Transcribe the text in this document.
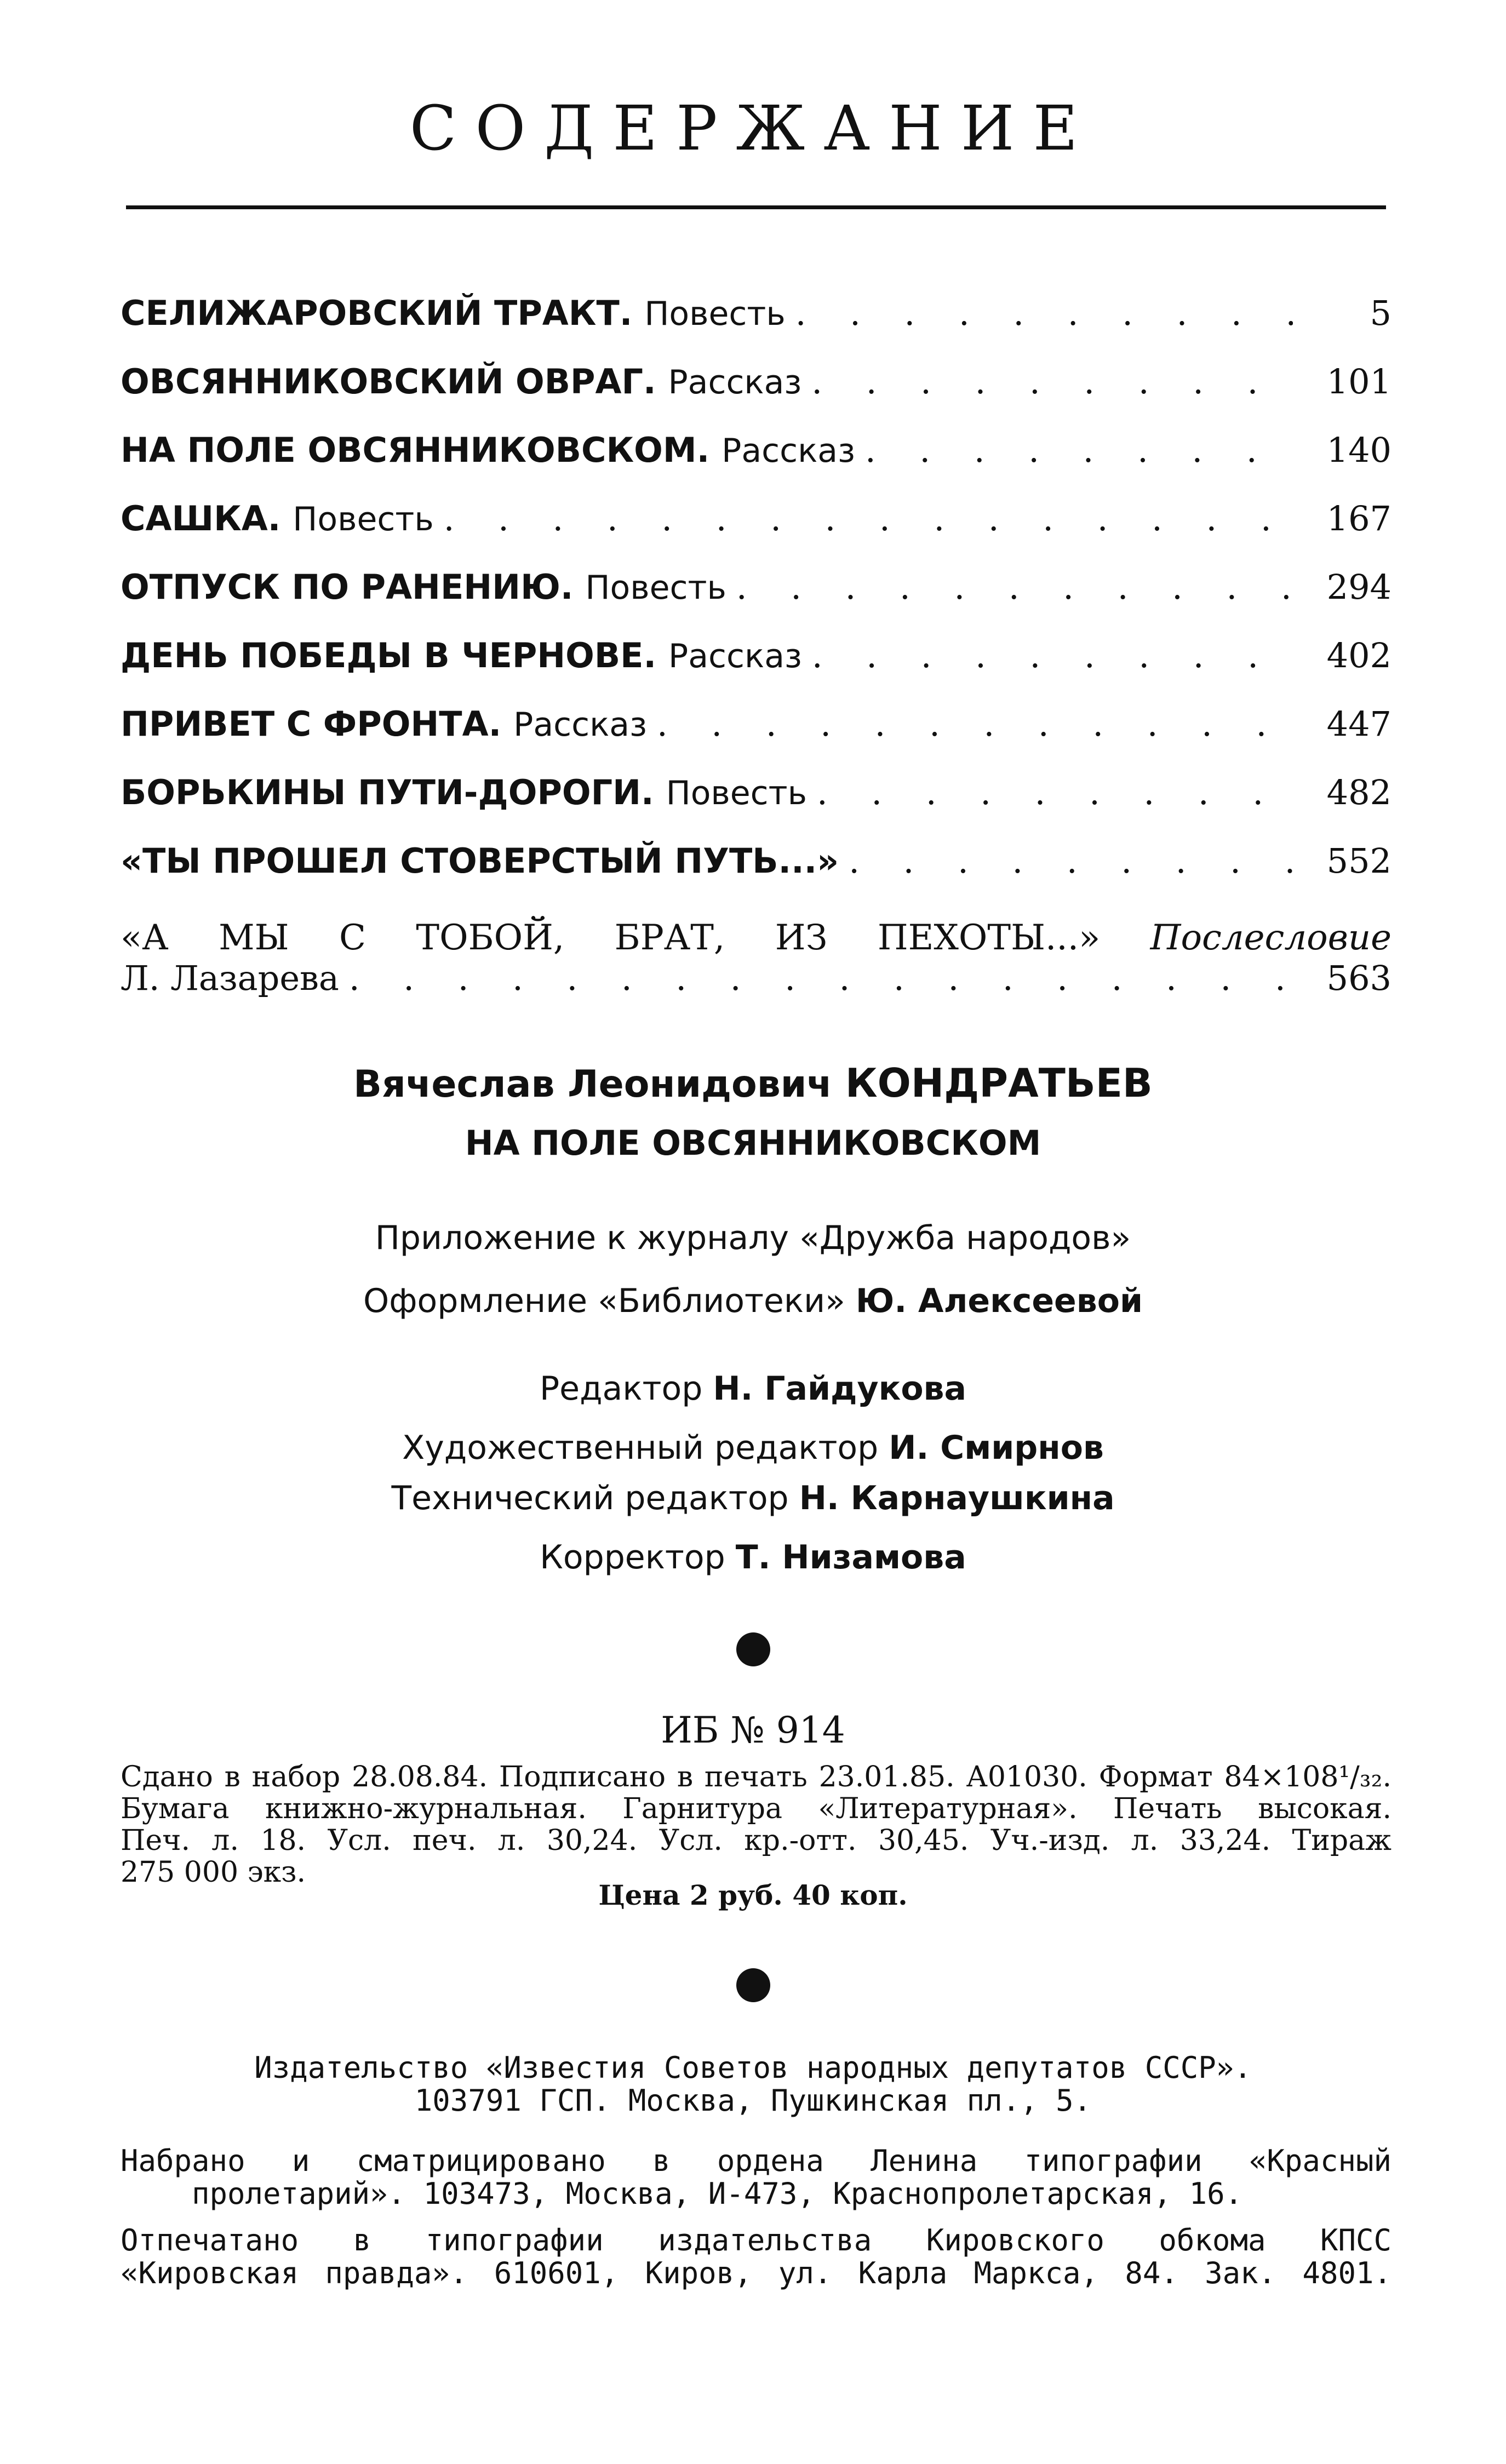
СОДЕРЖАНИЕ
СЕЛИЖАРОВСКИЙ ТРАКТ. Повесть . . .	5
ОВСЯННИКОВСКИЙ ОВРАГ. Рассказ . . .	101
НА ПОЛЕ ОВСЯННИКОВСКОМ. Рассказ . . .	140
САШКА. Повесть . . .	167
ОТПУСК ПО РАНЕНИЮ. Повесть . . .	294
ДЕНЬ ПОБЕДЫ В ЧЕРНОВЕ. Рассказ . . .	402
ПРИВЕТ С ФРОНТА. Рассказ . . .	447
БОРЬКИНЫ ПУТИ-ДОРОГИ. Повесть . . .	482
«ТЫ ПРОШЕЛ СТОВЕРСТЫЙ ПУТЬ...» . . .	552
«А МЫ С ТОБОЙ, БРАТ, ИЗ ПЕХОТЫ...» Послесловие
Л. Лазарева . . .	563
Вячеслав Леонидович КОНДРАТЬЕВ
НА ПОЛЕ ОВСЯННИКОВСКОМ
Приложение к журналу «Дружба народов»
Оформление «Библиотеки» Ю. Алексеевой
Редактор Н. Гайдукова
Художественный редактор И. Смирнов
Технический редактор Н. Карнаушкина
Корректор Т. Низамова
ИБ № 914
Сдано в набор 28.08.84. Подписано в печать 23.01.85. А01030. Формат 84×108¹/₃₂.
Бумага книжно-журнальная. Гарнитура «Литературная». Печать высокая.
Печ. л. 18. Усл. печ. л. 30,24. Усл. кр.-отт. 30,45. Уч.-изд. л. 33,24. Тираж
275 000 экз.
Цена 2 руб. 40 коп.
Издательство «Известия Советов народных депутатов СССР».
103791 ГСП. Москва, Пушкинская пл., 5.
Набрано и сматрицировано в ордена Ленина типографии «Красный
пролетарий». 103473, Москва, И-473, Краснопролетарская, 16.
Отпечатано в типографии издательства Кировского обкома КПСС
«Кировская правда». 610601, Киров, ул. Карла Маркса, 84. Зак. 4801.
